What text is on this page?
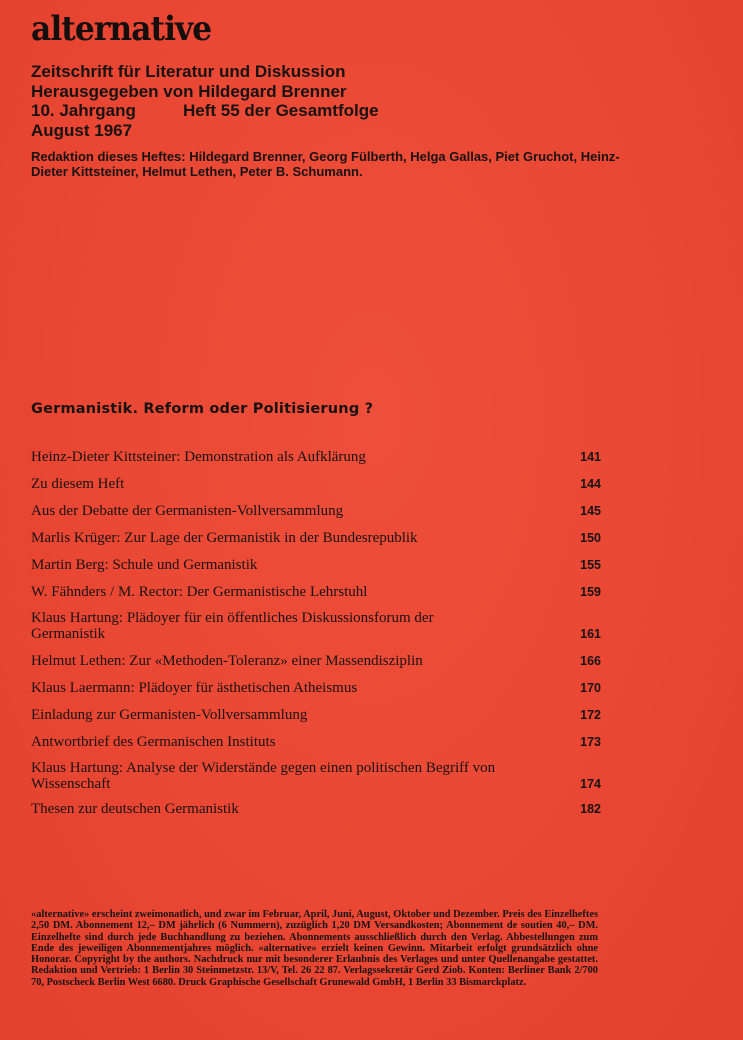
alternative
Zeitschrift für Literatur und Diskussion
Herausgegeben von Hildegard Brenner
10. Jahrgang	Heft 55 der Gesamtfolge
August 1967
Redaktion dieses Heftes: Hildegard Brenner, Georg Fülberth, Helga Gallas, Piet Gruchot, Heinz-Dieter Kittsteiner, Helmut Lethen, Peter B. Schumann.
Germanistik. Reform oder Politisierung ?
Heinz-Dieter Kittsteiner: Demonstration als Aufklärung	141
Zu diesem Heft	144
Aus der Debatte der Germanisten-Vollversammlung	145
Marlis Krüger: Zur Lage der Germanistik in der Bundesrepublik	150
Martin Berg: Schule und Germanistik	155
W. Fähnders / M. Rector: Der Germanistische Lehrstuhl	159
Klaus Hartung: Plädoyer für ein öffentliches Diskussionsforum der Germanistik	161
Helmut Lethen: Zur «Methoden-Toleranz» einer Massendisziplin	166
Klaus Laermann: Plädoyer für ästhetischen Atheismus	170
Einladung zur Germanisten-Vollversammlung	172
Antwortbrief des Germanischen Instituts	173
Klaus Hartung: Analyse der Widerstände gegen einen politischen Begriff von Wissenschaft	174
Thesen zur deutschen Germanistik	182
«alternative» erscheint zweimonatlich, und zwar im Februar, April, Juni, August, Oktober und Dezember. Preis des Einzelheftes 2,50 DM. Abonnement 12,– DM jährlich (6 Nummern), zuzüglich 1,20 DM Versandkosten; Abonnement de soutien 40,– DM. Einzelhefte sind durch jede Buchhandlung zu beziehen. Abonnements ausschließlich durch den Verlag. Abbestellungen zum Ende des jeweiligen Abonnementjahres möglich. «alternative» erzielt keinen Gewinn. Mitarbeit erfolgt grundsätzlich ohne Honorar. Copyright by the authors. Nachdruck nur mit besonderer Erlaubnis des Verlages und unter Quellenangabe gestattet. Redaktion und Vertrieb: 1 Berlin 30 Steinmetzstr. 13/V, Tel. 26 22 87. Verlagssekretär Gerd Ziob. Konten: Berliner Bank 2/700 70, Postscheck Berlin West 6680. Druck Graphische Gesellschaft Grunewald GmbH, 1 Berlin 33 Bismarckplatz.
